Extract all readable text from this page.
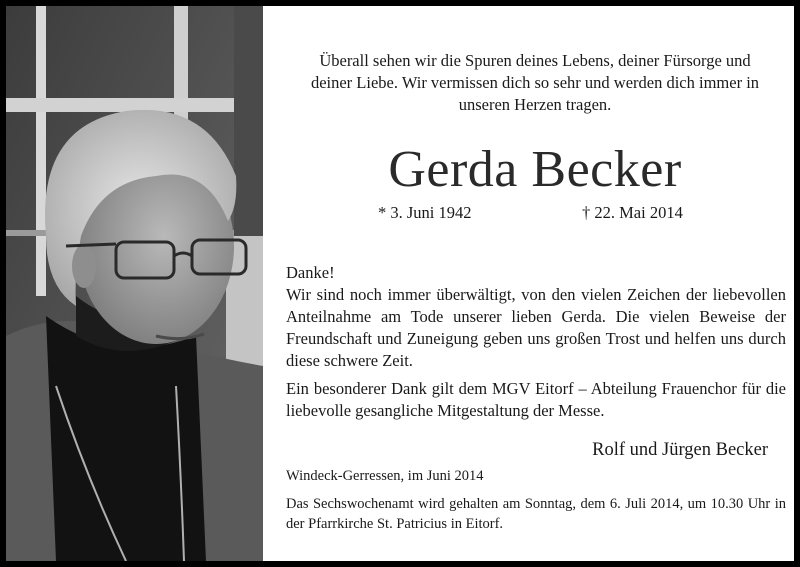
Überall sehen wir die Spuren deines Lebens, deiner Fürsorge und
deiner Liebe. Wir vermissen dich so sehr und werden dich immer in
unseren Herzen tragen.
Gerda Becker
* 3. Juni 1942	† 22. Mai 2014

Danke!

Wir sind noch immer überwältigt, von den vielen Zeichen der liebevollen Anteilnahme am Tode unserer lieben Gerda. Die vielen Beweise der Freundschaft und Zuneigung geben uns großen Trost und helfen uns durch diese schwere Zeit.

Ein besonderer Dank gilt dem MGV Eitorf – Abteilung Frauenchor für die liebevolle gesangliche Mitgestaltung der Messe.

Rolf und Jürgen Becker
Windeck-Gerressen, im Juni 2014
Das Sechswochenamt wird gehalten am Sonntag, dem 6. Juli 2014, um 10.30 Uhr in der Pfarrkirche St. Patricius in Eitorf.
